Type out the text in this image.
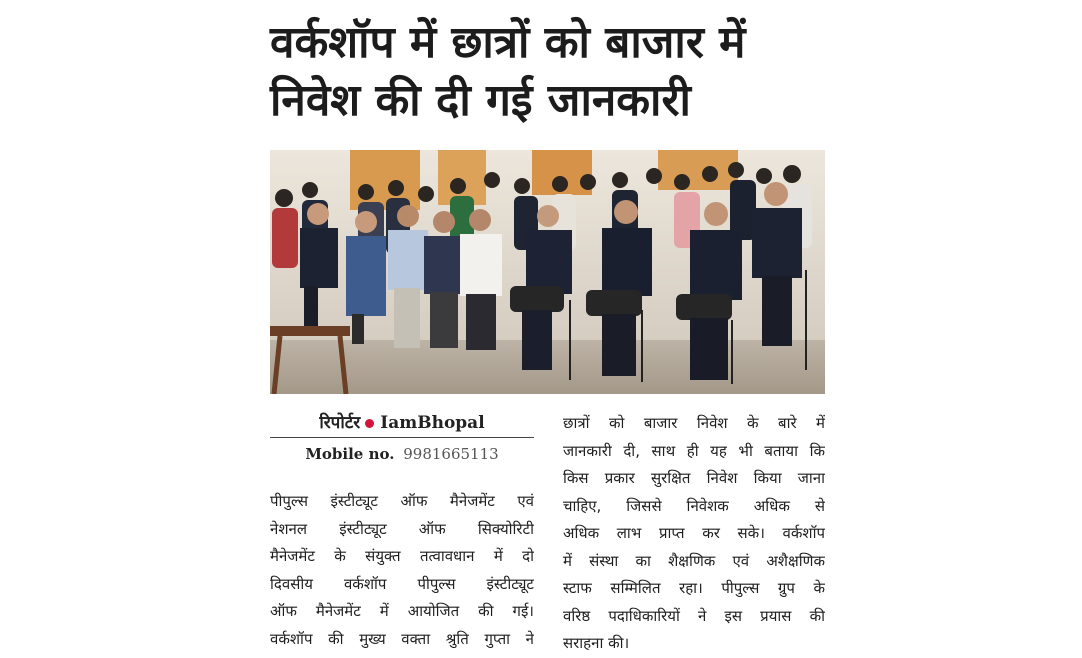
वर्कशॉप में छात्रों को बाजार में
निवेश की दी गई जानकारी
रिपोर्टर IamBhopal
Mobile no. 9981665113
पीपुल्स इंस्टीट्यूट ऑफ मैनेजमेंट एवं
नेशनल इंस्टीट्यूट ऑफ सिक्योरिटी
मैनेजमेंट के संयुक्त तत्वावधान में दो
दिवसीय वर्कशॉप पीपुल्स इंस्टीट्यूट
ऑफ मैनेजमेंट में आयोजित की गई।
वर्कशॉप की मुख्य वक्ता श्रुति गुप्ता ने
छात्रों को बाजार निवेश के बारे में
जानकारी दी, साथ ही यह भी बताया कि
किस प्रकार सुरक्षित निवेश किया जाना
चाहिए, जिससे निवेशक अधिक से
अधिक लाभ प्राप्त कर सके। वर्कशॉप
में संस्था का शैक्षणिक एवं अशैक्षणिक
स्टाफ सम्मिलित रहा। पीपुल्स ग्रुप के
वरिष्ठ पदाधिकारियों ने इस प्रयास की
सराहना की।
